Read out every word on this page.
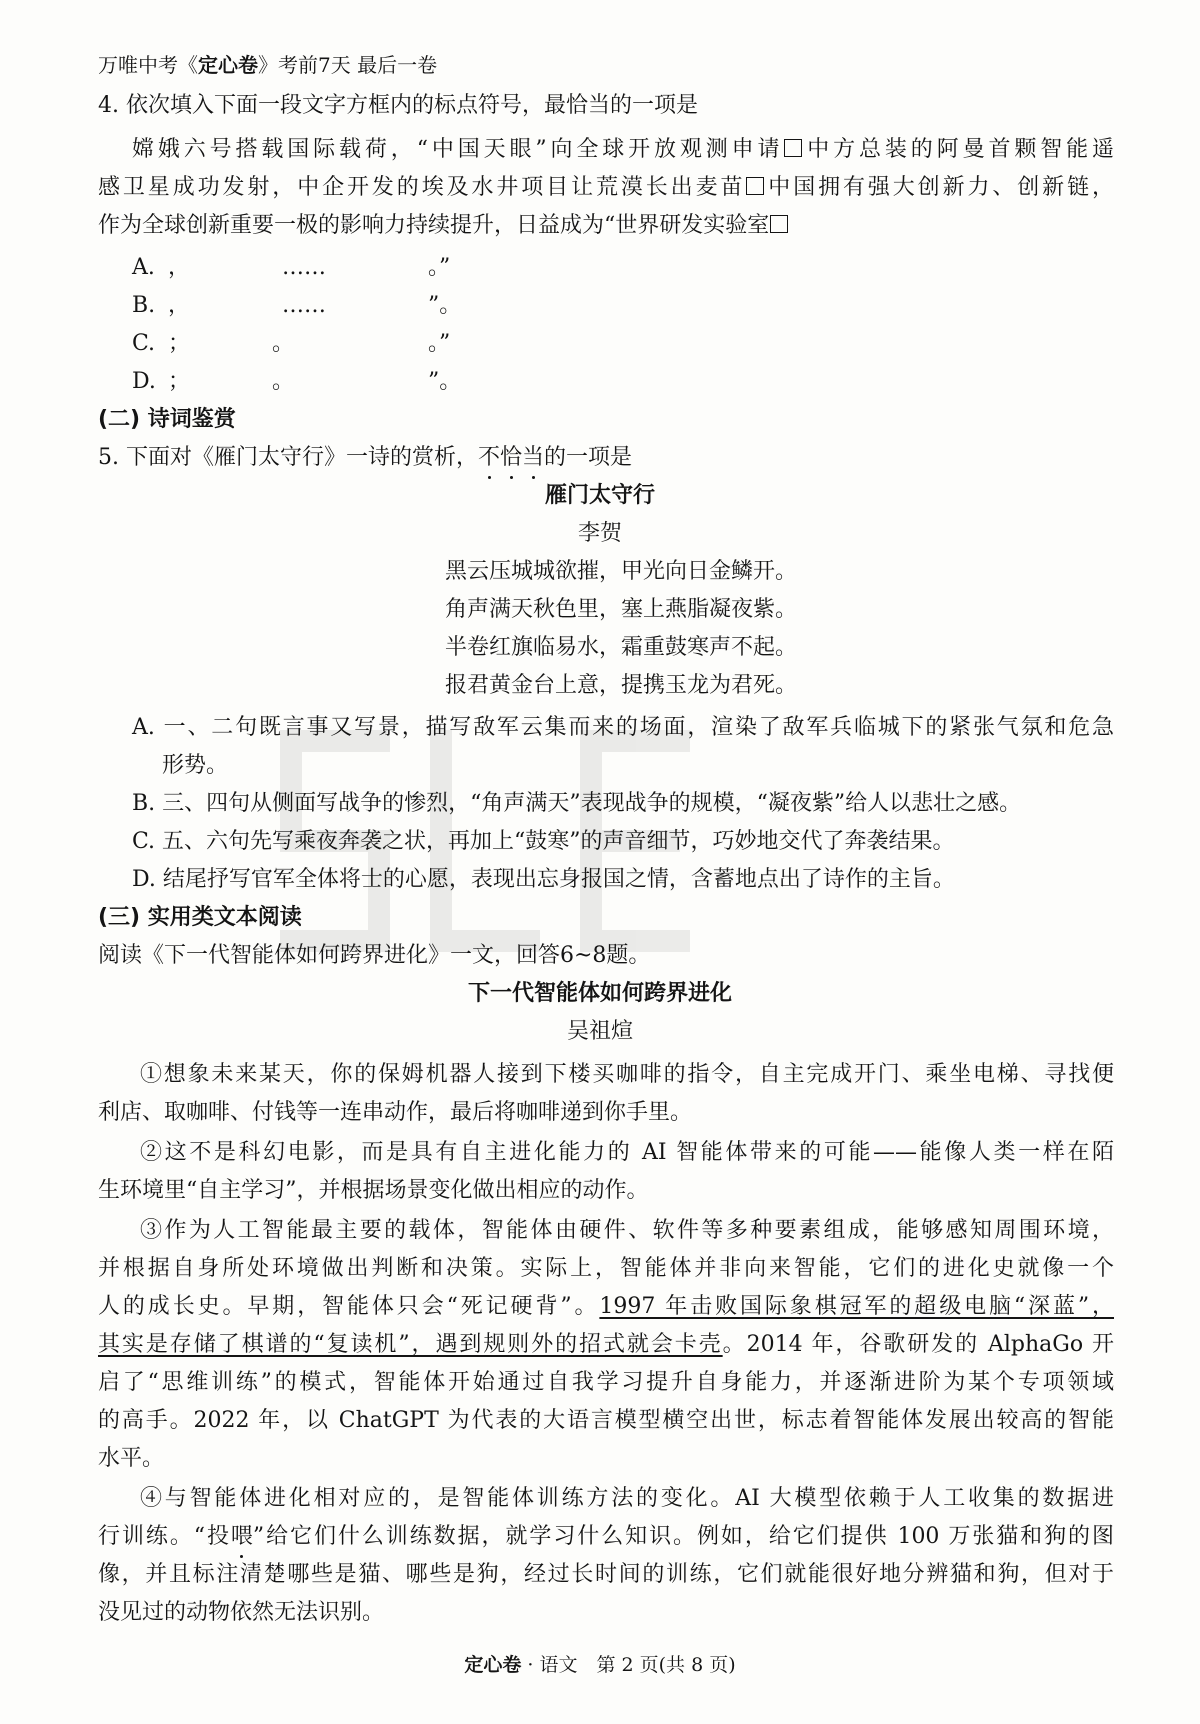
万唯中考《定心卷》考前7天 最后一卷
4. 依次填入下面一段文字方框内的标点符号，最恰当的一项是
嫦娥六号搭载国际载荷，“中国天眼”向全球开放观测申请 中方总装的阿曼首颗智能遥
感卫星成功发射，中企开发的埃及水井项目让荒漠长出麦苗 中国拥有强大创新力、创新链，
作为全球创新重要一极的影响力持续提升，日益成为“世界研发实验室
A. ，	……	。”
B. ，	……	”。
C. ；	。	。”
D. ；	。	”。
(二) 诗词鉴赏
5. 下面对《雁门太守行》一诗的赏析，不恰当的一项是
雁门太守行
李贺
黑云压城城欲摧，甲光向日金鳞开。
角声满天秋色里，塞上燕脂凝夜紫。
半卷红旗临易水，霜重鼓寒声不起。
报君黄金台上意，提携玉龙为君死。
A. 一、二句既言事又写景，描写敌军云集而来的场面，渲染了敌军兵临城下的紧张气氛和危急
形势。
B. 三、四句从侧面写战争的惨烈，“角声满天”表现战争的规模，“凝夜紫”给人以悲壮之感。
C. 五、六句先写乘夜奔袭之状，再加上“鼓寒”的声音细节，巧妙地交代了奔袭结果。
D. 结尾抒写官军全体将士的心愿，表现出忘身报国之情，含蓄地点出了诗作的主旨。
(三) 实用类文本阅读
阅读《下一代智能体如何跨界进化》一文，回答6~8题。
下一代智能体如何跨界进化
吴祖煊
①想象未来某天，你的保姆机器人接到下楼买咖啡的指令，自主完成开门、乘坐电梯、寻找便
利店、取咖啡、付钱等一连串动作，最后将咖啡递到你手里。
②这不是科幻电影，而是具有自主进化能力的 AI 智能体带来的可能——能像人类一样在陌
生环境里“自主学习”，并根据场景变化做出相应的动作。
③作为人工智能最主要的载体，智能体由硬件、软件等多种要素组成，能够感知周围环境，
并根据自身所处环境做出判断和决策。实际上，智能体并非向来智能，它们的进化史就像一个
人的成长史。早期，智能体只会“死记硬背”。1997 年击败国际象棋冠军的超级电脑“深蓝”，
其实是存储了棋谱的“复读机”，遇到规则外的招式就会卡壳。2014 年，谷歌研发的 AlphaGo 开
启了“思维训练”的模式，智能体开始通过自我学习提升自身能力，并逐渐进阶为某个专项领域
的高手。2022 年，以 ChatGPT 为代表的大语言模型横空出世，标志着智能体发展出较高的智能
水平。
④与智能体进化相对应的，是智能体训练方法的变化。AI 大模型依赖于人工收集的数据进
行训练。“投喂”给它们什么训练数据，就学习什么知识。例如，给它们提供 100 万张猫和狗的图
像，并且标注清楚哪些是猫、哪些是狗，经过长时间的训练，它们就能很好地分辨猫和狗，但对于
没见过的动物依然无法识别。
定心卷 · 语文　第 2 页(共 8 页)
